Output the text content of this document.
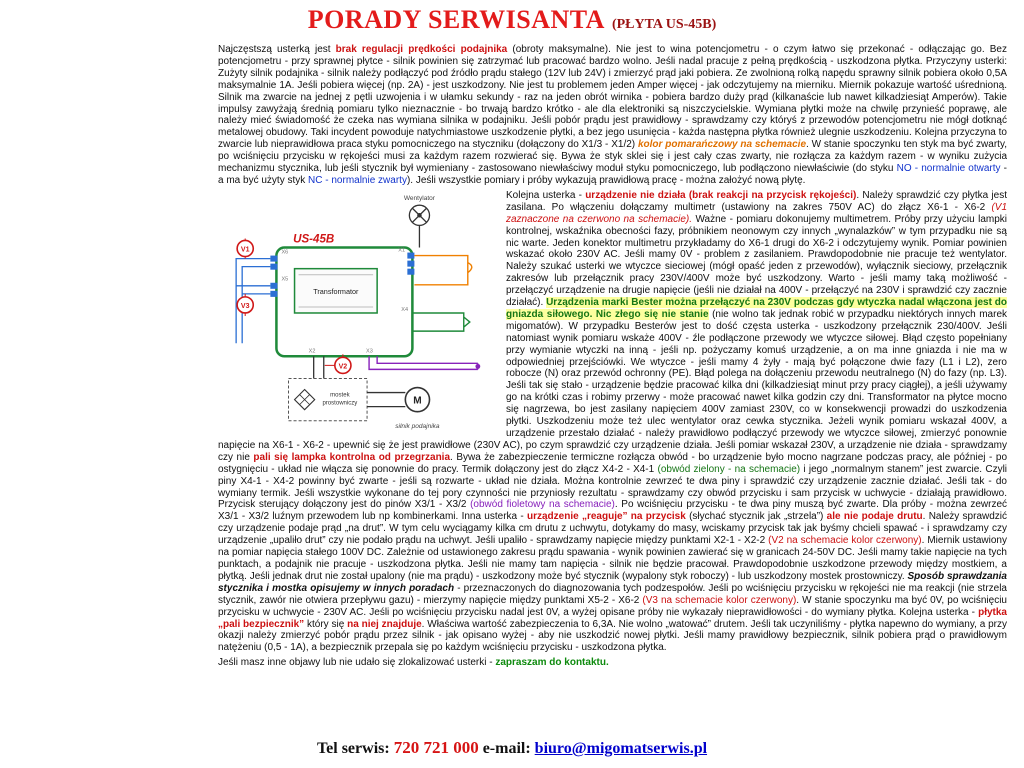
PORADY SERWISANTA (PŁYTA US-45B)

Najczęstszą usterką jest brak regulacji prędkości podajnika (obroty maksymalne). Nie jest to wina potencjometru - o czym łatwo się przekonać - odłączając go. Bez potencjometru - przy sprawnej płytce - silnik powinien się zatrzymać lub pracować bardzo wolno. Jeśli nadal pracuje z pełną prędkością - uszkodzona płytka. Przyczyny usterki: Zużyty silnik podajnika - silnik należy podłączyć pod źródło prądu stałego (12V lub 24V) i zmierzyć prąd jaki pobiera. Ze zwolnioną rolką napędu sprawny silnik pobiera około 0,5A maksymalnie 1A. Jeśli pobiera więcej (np. 2A) - jest uszkodzony. Nie jest tu problemem jeden Amper więcej - jak odczytujemy na mierniku. Miernik pokazuje wartość uśrednioną. Silnik ma zwarcie na jednej z pętli uzwojenia i w ułamku sekundy - raz na jeden obrót wirnika - pobiera bardzo duży prąd (kilkanaście lub nawet kilkadziesiąt Amperów). Takie impulsy zawyżają średnią pomiaru tylko nieznacznie - bo trwają bardzo krótko - ale dla elektroniki są niszczycielskie. Wymiana płytki może na chwilę przynieść poprawę, ale należy mieć świadomość że czeka nas wymiana silnika w podajniku. Jeśli pobór prądu jest prawidłowy - sprawdzamy czy któryś z przewodów potencjometru nie mógł dotknąć metalowej obudowy. Taki incydent powoduje natychmiastowe uszkodzenie płytki, a bez jego usunięcia - każda następna płytka również ulegnie uszkodzeniu. Kolejna przyczyna to zwarcie lub nieprawidłowa praca styku pomocniczego na styczniku (dołączony do X1/3 - X1/2) kolor pomarańczowy na schemacie. W stanie spoczynku ten styk ma być zwarty, po wciśnięciu przycisku w rękojeści musi za każdym razem rozwierać się. Bywa że styk sklei się i jest cały czas zwarty, nie rozłącza za każdym razem - w wyniku zużycia mechanizmu stycznika, lub jeśli stycznik był wymieniany - zastosowano niewłaściwy moduł styku pomocniczego, lub podłączono niewłaściwie (do styku NO - normalnie otwarty - a ma być użyty styk NC - normalnie zwarty). Jeśli wszystkie pomiary i próby wykazują prawidłową pracę - można założyć nową płytę.

Wentylator
US-45B
Transformator
X6
X5
V1
V3
X1
X4
X3
X2
V2
mostek
prostowniczy	M
silnik podajnika

Kolejna usterka - urządzenie nie działa (brak reakcji na przycisk rękojeści). Należy sprawdzić czy płytka jest zasilana. Po włączeniu dołączamy multimetr (ustawiony na zakres 750V AC) do złącz X6-1 - X6-2 (V1 zaznaczone na czerwono na schemacie). Ważne - pomiaru dokonujemy multimetrem. Próby przy użyciu lampki kontrolnej, wskaźnika obecności fazy, próbnikiem neonowym czy innych „wynalazków” w tym przypadku nie są nic warte. Jeden konektor multimetru przykładamy do X6-1 drugi do X6-2 i odczytujemy wynik. Pomiar powinien wskazać około 230V AC. Jeśli mamy 0V - problem z zasilaniem. Prawdopodobnie nie pracuje też wentylator. Należy szukać usterki we wtyczce sieciowej (mógł opaść jeden z przewodów), wyłącznik sieciowy, przełącznik zakresów lub przełącznik pracy 230V/400V może być uszkodzony. Warto - jeśli mamy taką możliwość - przełączyć urządzenie na drugie napięcie (jeśli nie działał na 400V - przełączyć na 230V i sprawdzić czy zacznie działać). Urządzenia marki Bester można przełączyć na 230V podczas gdy wtyczka nadal włączona jest do gniazda siłowego. Nic złego się nie stanie (nie wolno tak jednak robić w przypadku niektórych innych marek migomatów). W przypadku Besterów jest to dość częsta usterka - uszkodzony przełącznik 230/400V. Jeśli natomiast wynik pomiaru wskaże 400V - źle podłączone przewody we wtyczce siłowej. Błąd często popełniany przy wymianie wtyczki na inną - jeśli np. pożyczamy komuś urządzenie, a on ma inne gniazda i nie ma w odpowiedniej przejściówki. We wtyczce - jeśli mamy 4 żyły - mają być połączone dwie fazy (L1 i L2), zero robocze (N) oraz przewód ochronny (PE). Błąd polega na dołączeniu przewodu neutralnego (N) do fazy (np. L3). Jeśli tak się stało - urządzenie będzie pracować kilka dni (kilkadziesiąt minut przy pracy ciągłej), a jeśli używamy go na krótki czas i robimy przerwy - może pracować nawet kilka godzin czy dni. Transformator na płytce mocno się nagrzewa, bo jest zasilany napięciem 400V zamiast 230V, co w konsekwencji prowadzi do uszkodzenia płytki. Uszkodzeniu może też ulec wentylator oraz cewka stycznika. Jeżeli wynik pomiaru wskazał 400V, a urządzenie przestało działać - należy prawidłowo podłączyć przewody we wtyczce siłowej, zmierzyć ponownie napięcie na X6-1 - X6-2 - upewnić się że jest prawidłowe (230V AC), po czym sprawdzić czy urządzenie działa. Jeśli pomiar wskazał 230V, a urządzenie nie działa - sprawdzamy czy nie pali się lampka kontrolna od przegrzania. Bywa że zabezpieczenie termiczne rozłącza obwód - bo urządzenie było mocno nagrzane podczas pracy, ale później - po ostygnięciu - układ nie włącza się ponownie do pracy. Termik dołączony jest do złącz X4-2 - X4-1 (obwód zielony - na schemacie) i jego „normalnym stanem” jest zwarcie. Czyli piny X4-1 - X4-2 powinny być zwarte - jeśli są rozwarte - układ nie działa. Można kontrolnie zewrzeć te dwa piny i sprawdzić czy urządzenie zacznie działać. Jeśli tak - do wymiany termik. Jeśli wszystkie wykonane do tej pory czynności nie przyniosły rezultatu - sprawdzamy czy obwód przycisku i sam przycisk w uchwycie - działają prawidłowo. Przycisk sterujący dołączony jest do pinów X3/1 - X3/2 (obwód fioletowy na schemacie). Po wciśnięciu przycisku - te dwa piny muszą być zwarte. Dla próby - można zewrzeć X3/1 - X3/2 luźnym przewodem lub np kombinerkami. Inna usterka - urządzenie „reaguje” na przycisk (słychać stycznik jak „strzela”) ale nie podaje drutu. Należy sprawdzić czy urządzenie podaje prąd „na drut”. W tym celu wyciągamy kilka cm drutu z uchwytu, dotykamy do masy, wciskamy przycisk tak jak byśmy chcieli spawać - i sprawdzamy czy urządzenie „upaliło drut” czy nie podało prądu na uchwyt. Jeśli upaliło - sprawdzamy napięcie między punktami X2-1 - X2-2 (V2 na schemacie kolor czerwony). Miernik ustawiony na pomiar napięcia stałego 100V DC. Zależnie od ustawionego zakresu prądu spawania - wynik powinien zawierać się w granicach 24-50V DC. Jeśli mamy takie napięcie na tych punktach, a podajnik nie pracuje - uszkodzona płytka. Jeśli nie mamy tam napięcia - silnik nie będzie pracował. Prawdopodobnie uszkodzone przewody między mostkiem, a płytką. Jeśli jednak drut nie został upalony (nie ma prądu) - uszkodzony może być stycznik (wypalony styk roboczy) - lub uszkodzony mostek prostowniczy. Sposób sprawdzania stycznika i mostka opisujemy w innych poradach - przeznaczonych do diagnozowania tych podzespołów. Jeśli po wciśnięciu przycisku w rękojeści nie ma reakcji (nie strzela stycznik, zawór nie otwiera przepływu gazu) - mierzymy napięcie między punktami X5-2 - X6-2 (V3 na schemacie kolor czerwony). W stanie spoczynku ma być 0V, po wciśnięciu przycisku w uchwycie - 230V AC. Jeśli po wciśnięciu przycisku nadal jest 0V, a wyżej opisane próby nie wykazały nieprawidłowości - do wymiany płytka. Kolejna usterka - płytka „pali bezpiecznik” który się na niej znajduje. Właściwa wartość zabezpieczenia to 6,3A. Nie wolno „watować” drutem. Jeśli tak uczyniliśmy - płytka napewno do wymiany, a przy okazji należy zmierzyć pobór prądu przez silnik - jak opisano wyżej - aby nie uszkodzić nowej płytki. Jeśli mamy prawidłowy bezpiecznik, silnik pobiera prąd o prawidłowym natężeniu (0,5 - 1A), a bezpiecznik przepala się po każdym wciśnięciu przycisku - uszkodzona płytka.

Jeśli masz inne objawy lub nie udało się zlokalizować usterki - zapraszam do kontaktu.

Tel serwis: 720 721 000 e-mail: biuro@migomatserwis.pl
